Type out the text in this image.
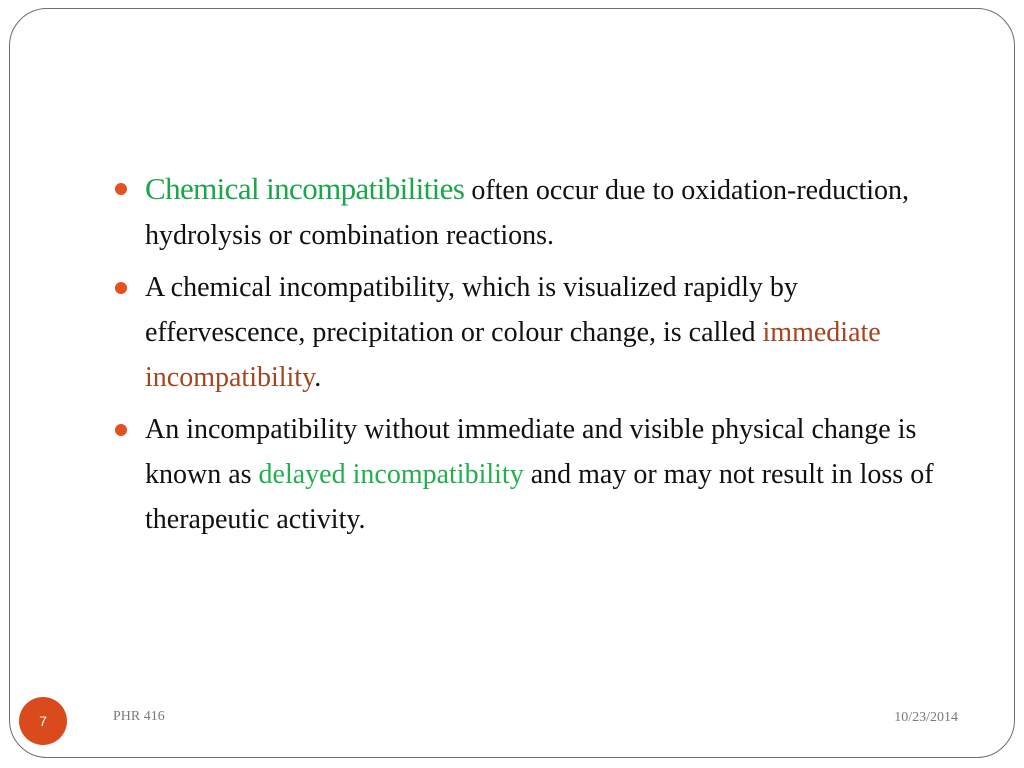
Chemical incompatibilities often occur due to oxidation-reduction, hydrolysis or combination reactions.
A chemical incompatibility, which is visualized rapidly by effervescence, precipitation or colour change, is called immediate incompatibility.
An incompatibility without immediate and visible physical change is known as delayed incompatibility and may or may not result in loss of therapeutic activity.
7	PHR 416	10/23/2014
